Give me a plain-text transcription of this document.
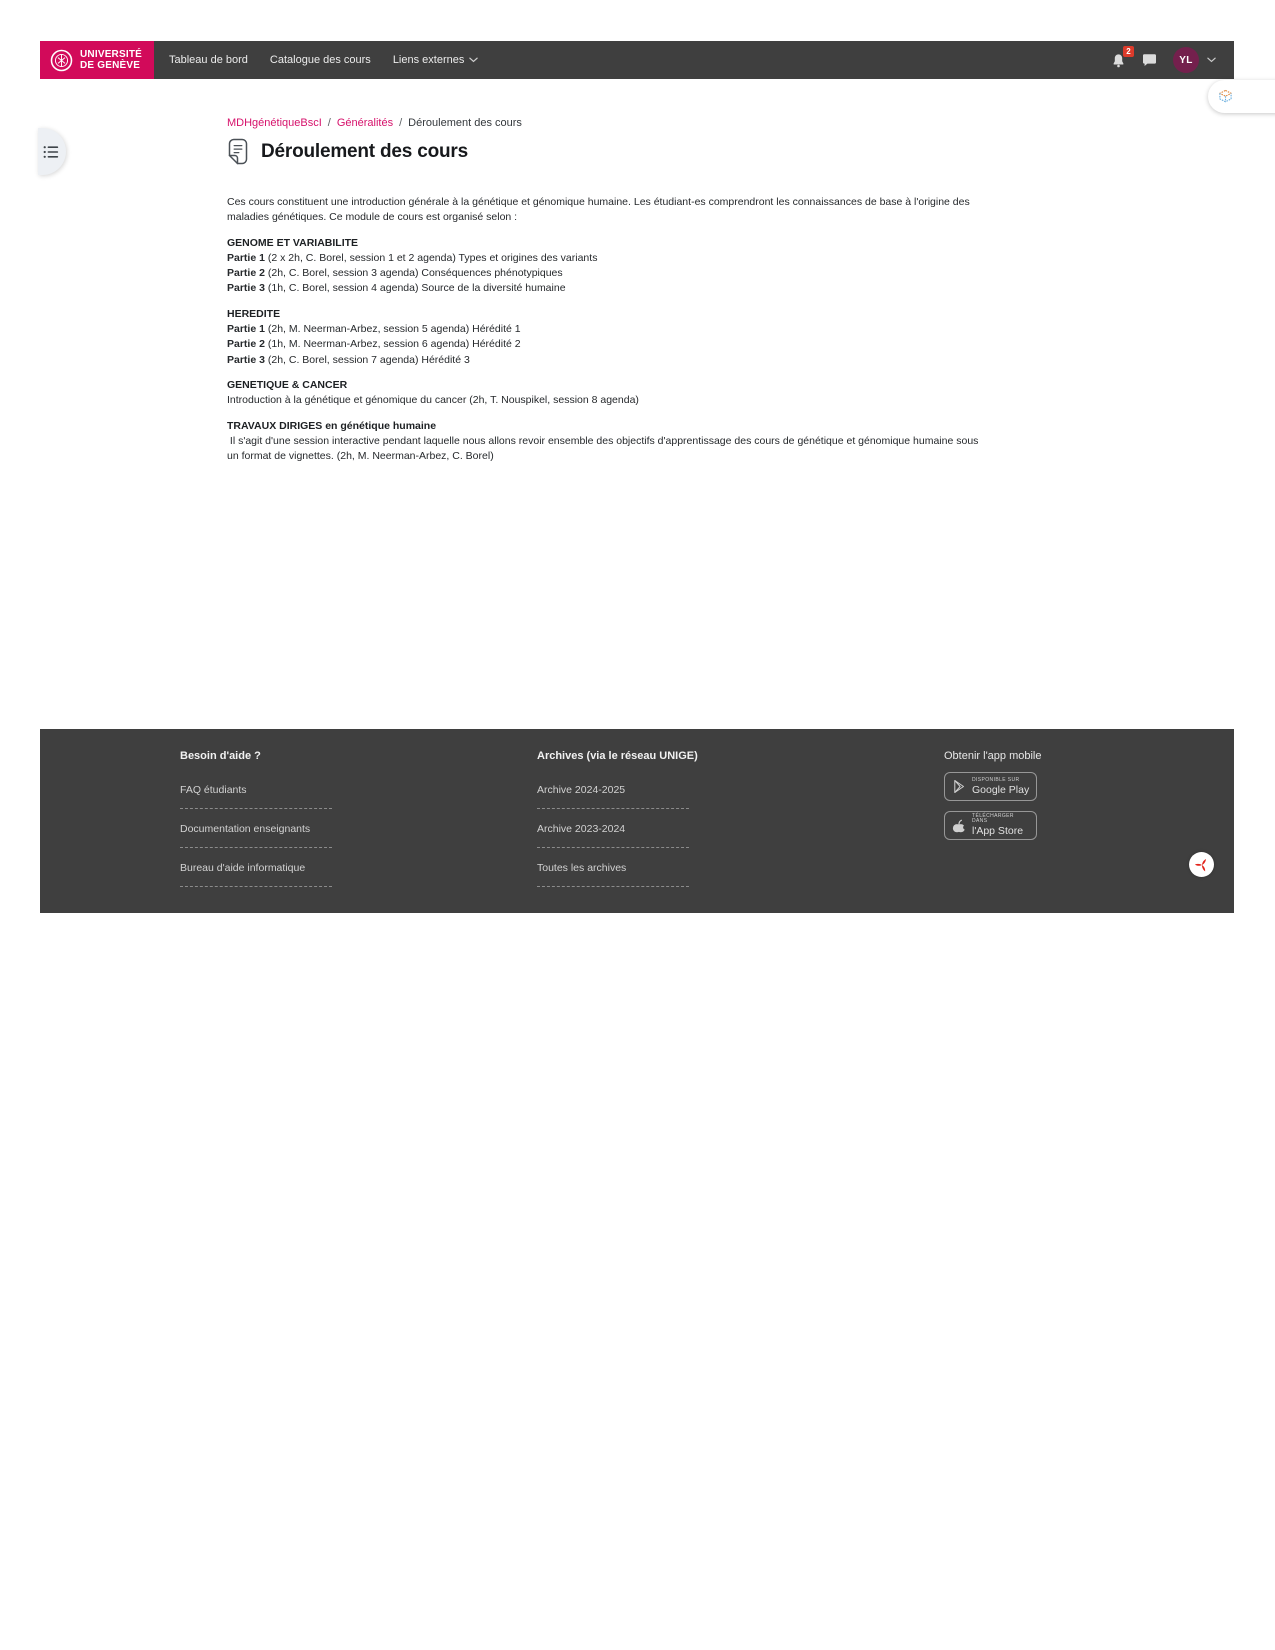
UNIVERSITÉ
DE GENÈVE	Tableau de bord Catalogue des cours Liens externes
2
YL
MDHgénétiqueBscI / Généralités / Déroulement des cours
Déroulement des cours

Ces cours constituent une introduction générale à la génétique et génomique humaine. Les étudiant-es comprendront les connaissances de base à l'origine des maladies génétiques. Ce module de cours est organisé selon :

GENOME ET VARIABILITE

Partie 1 (2 x 2h, C. Borel, session 1 et 2 agenda) Types et origines des variants

Partie 2 (2h, C. Borel, session 3 agenda) Conséquences phénotypiques

Partie 3 (1h, C. Borel, session 4 agenda) Source de la diversité humaine

HEREDITE

Partie 1 (2h, M. Neerman-Arbez, session 5 agenda) Hérédité 1

Partie 2 (1h, M. Neerman-Arbez, session 6 agenda) Hérédité 2

Partie 3 (2h, C. Borel, session 7 agenda) Hérédité 3

GENETIQUE & CANCER

Introduction à la génétique et génomique du cancer (2h, T. Nouspikel, session 8 agenda)

TRAVAUX DIRIGES en génétique humaine

Il s'agit d'une session interactive pendant laquelle nous allons revoir ensemble des objectifs d'apprentissage des cours de génétique et génomique humaine sous un format de vignettes. (2h, M. Neerman-Arbez, C. Borel)

Besoin d'aide ?
FAQ étudiants
Documentation enseignants
Bureau d'aide informatique
Archives (via le réseau UNIGE)
Archive 2024-2025
Archive 2023-2024
Toutes les archives
Obtenir l'app mobile
DISPONIBLE SUR
Google Play
TÉLÉCHARGER DANS
l'App Store
